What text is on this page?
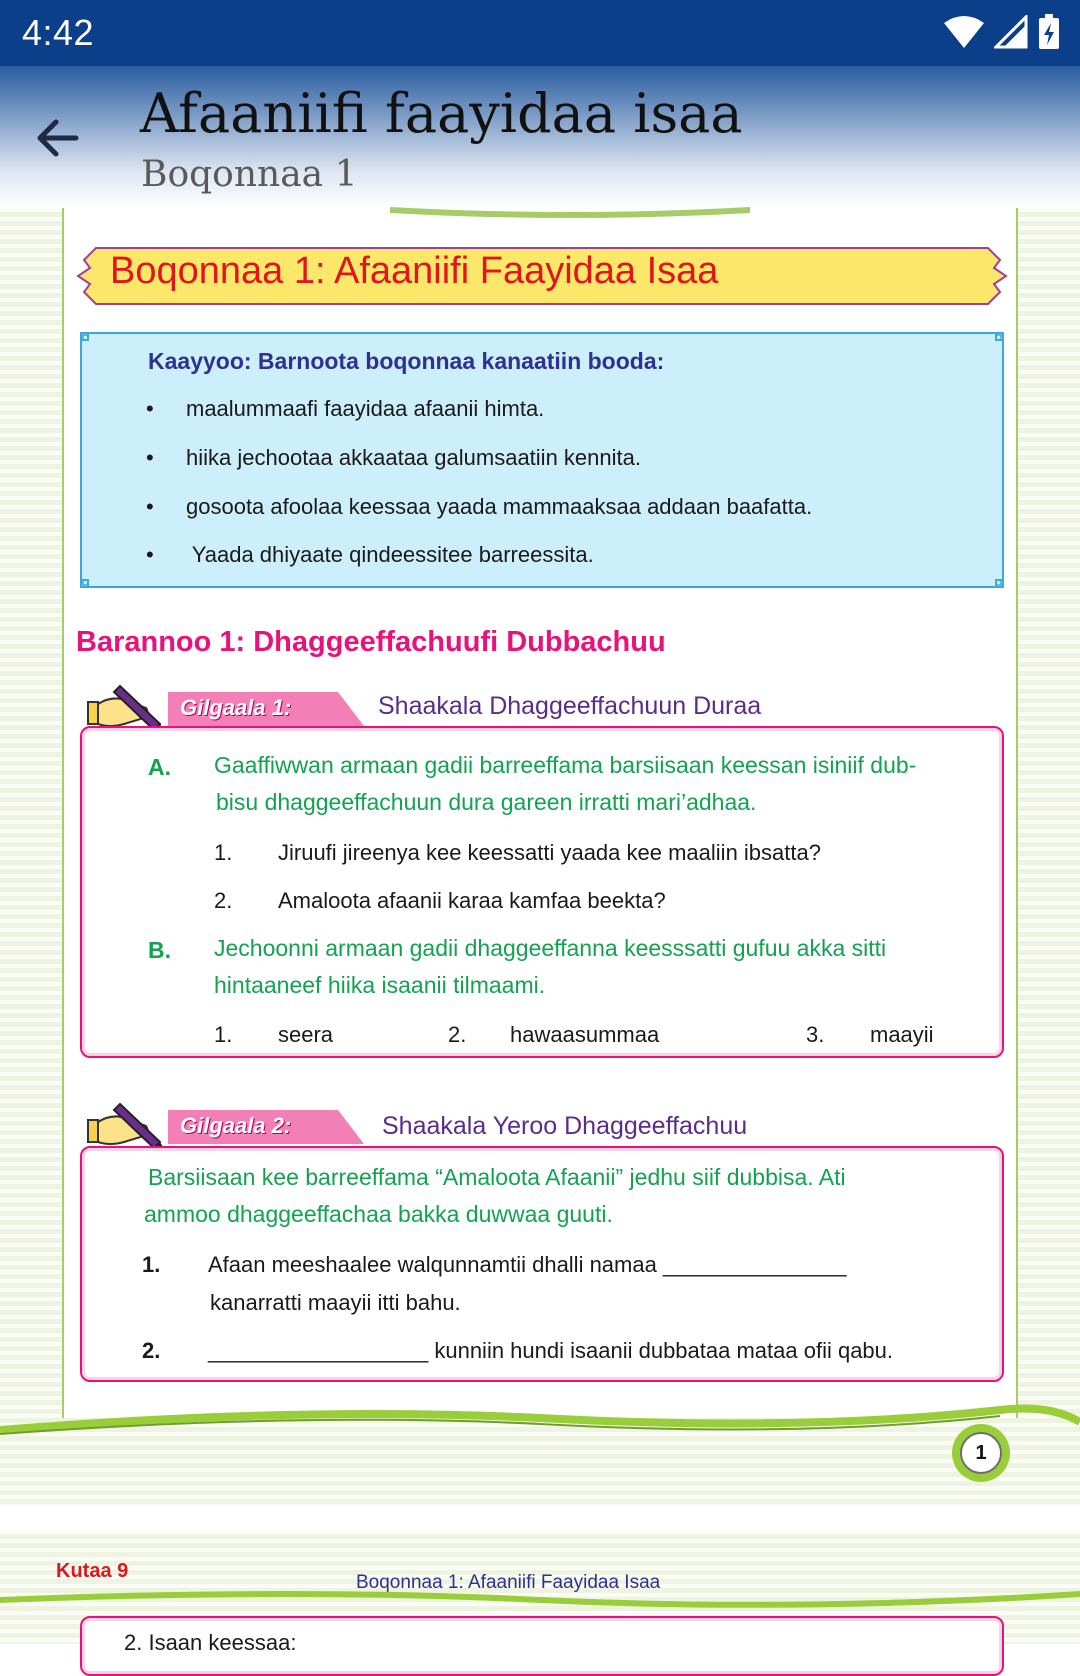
4:42
Afaaniifi faayidaa isaa
Boqonnaa 1
Boqonnaa 1: Afaaniifi Faayidaa Isaa
Kaayyoo: Barnoota boqonnaa kanaatiin booda:
• maalummaafi faayidaa afaanii himta.
• hiika jechootaa akkaataa galumsaatiin kennita.
• gosoota afoolaa keessaa yaada mammaaksaa addaan baafatta.
• Yaada dhiyaate qindeessitee barreessita.
Barannoo 1: Dhaggeeffachuufi Dubbachuu
Gilgaala 1:	Shaakala Dhaggeeffachuun Duraa
A. Gaaffiwwan armaan gadii barreeffama barsiisaan keessan isiniif dub-
bisu dhaggeeffachuun dura gareen irratti mari’adhaa.
1. Jiruufi jireenya kee keessatti yaada kee maaliin ibsatta?
2. Amaloota afaanii karaa kamfaa beekta?
B. Jechoonni armaan gadii dhaggeeffanna keesssatti gufuu akka sitti
hintaaneef hiika isaanii tilmaami.
1. seera	2. hawaasummaa	3. maayii
Gilgaala 2:	Shaakala Yeroo Dhaggeeffachuu
Barsiisaan kee barreeffama “Amaloota Afaanii” jedhu siif dubbisa. Ati
ammoo dhaggeeffachaa bakka duwwaa guuti.
1. Afaan meeshaalee walqunnamtii dhalli namaa _______________
kanarratti maayii itti bahu.
2. __________________ kunniin hundi isaanii dubbataa mataa ofii qabu.
1
Kutaa 9
Boqonnaa 1: Afaaniifi Faayidaa Isaa
2. Isaan keessaa:
